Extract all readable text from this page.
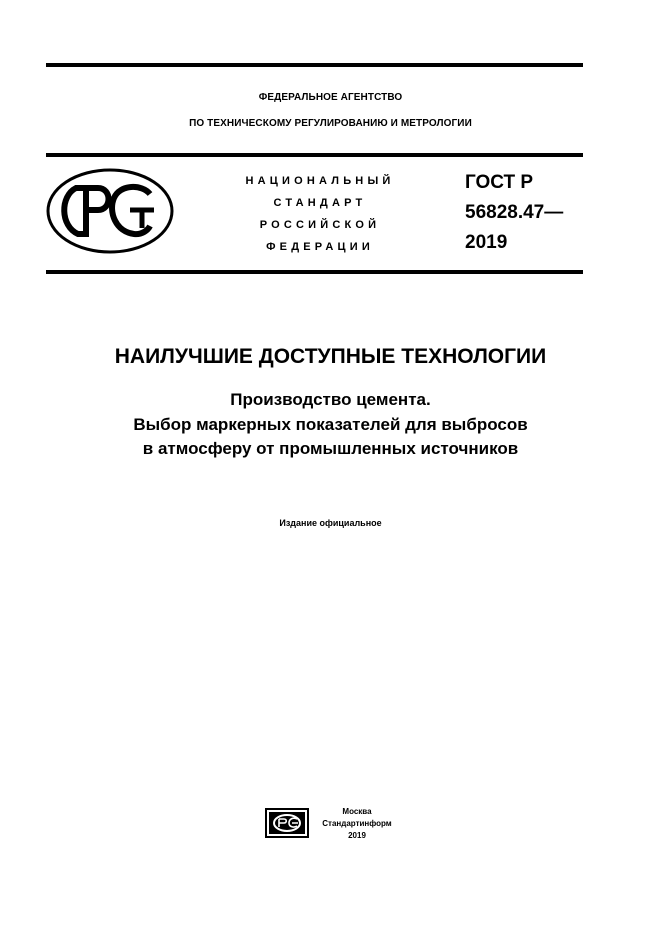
ФЕДЕРАЛЬНОЕ АГЕНТСТВО
ПО ТЕХНИЧЕСКОМУ РЕГУЛИРОВАНИЮ И МЕТРОЛОГИИ
НАЦИОНАЛЬНЫЙ
СТАНДАРТ
РОССИЙСКОЙ
ФЕДЕРАЦИИ
ГОСТ Р
56828.47—
2019
НАИЛУЧШИЕ ДОСТУПНЫЕ ТЕХНОЛОГИИ
Производство цемента.
Выбор маркерных показателей для выбросов
в атмосферу от промышленных источников
Издание официальное
Москва
Стандартинформ
2019
